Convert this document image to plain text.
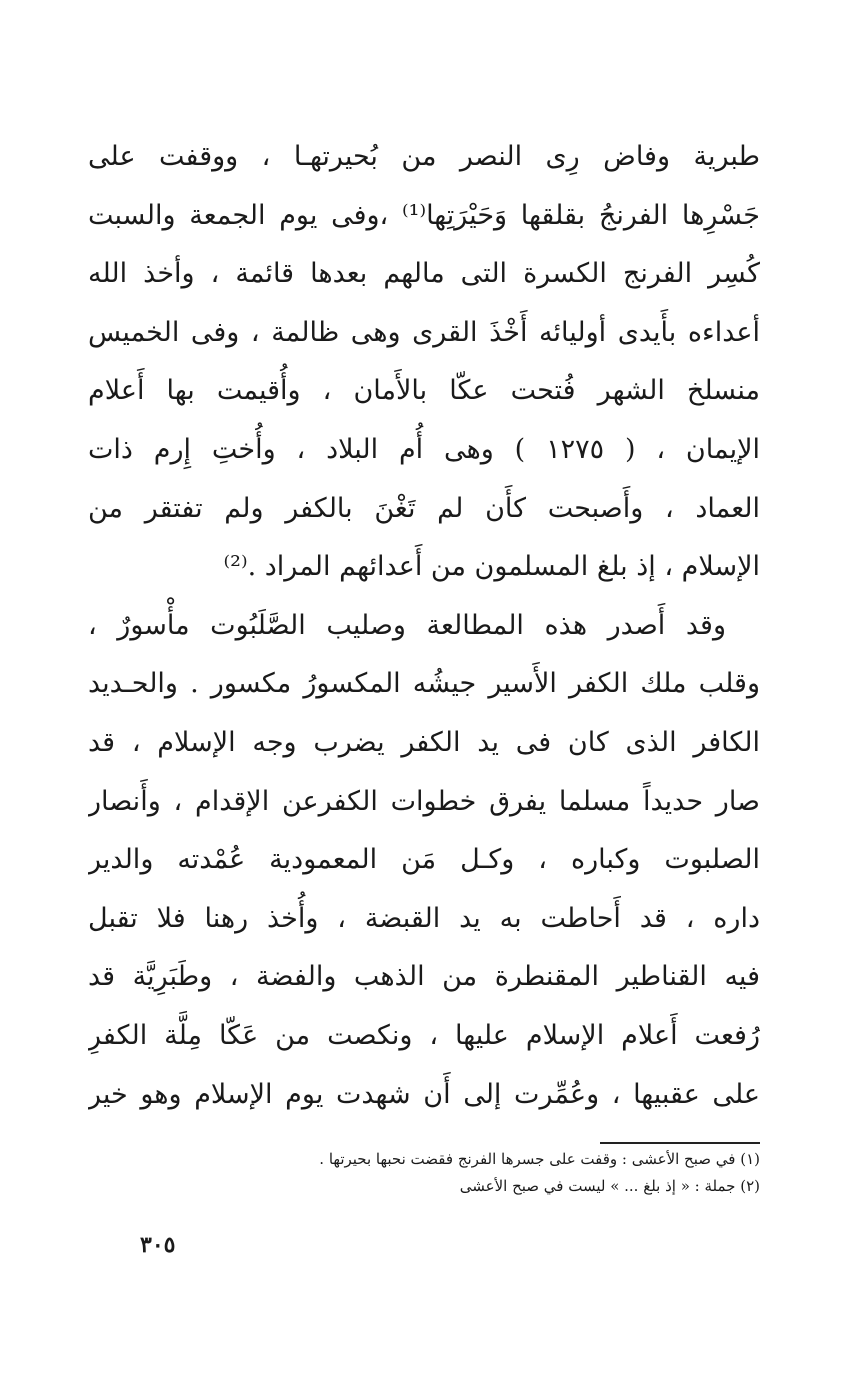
طبرية وفاض رِى النصر من بُحيرتهـا ، ووقفت على
جَسْرِها الفرنجُ بقلقها وَحَيْرَتِها⁽¹⁾ ،وفى يوم الجمعة والسبت
كُسِر الفرنج الكسرة التى مالهم بعدها قائمة ، وأخذ الله
أعداءه بأَيدى أوليائه أَخْذَ القرى وهى ظالمة ، وفى الخميس
منسلخ الشهر فُتحت عكّا بالأَمان ، وأُقيمت بها أَعلام
الإيمان ، ( ١٢٧٥ ) وهى أُم البلاد ، وأُختِ إِرم ذات
العماد ، وأَصبحت كأَن لم تَغْنَ بالكفر ولم تفتقر من
الإسلام ، إذ بلغ المسلمون من أَعدائهم المراد .⁽²⁾
وقد أَصدر هذه المطالعة وصليب الصَّلَبُوت مأْسورٌ ،
وقلب ملك الكفر الأَسير جيشُه المكسورُ مكسور . والحـديد
الكافر الذى كان فى يد الكفر يضرب وجه الإسلام ، قد
صار حديداً مسلما يفرق خطوات الكفرعن الإقدام ، وأَنصار
الصلبوت وكباره ، وكـل مَن المعمودية عُمْدته والدير
داره ، قد أَحاطت به يد القبضة ، وأُخذ رهنا فلا تقبل
فيه القناطير المقنطرة من الذهب والفضة ، وطَبَرِيَّة قد
رُفعت أَعلام الإسلام عليها ، ونكصت من عَكّا مِلَّة الكفرِ
على عقبيها ، وعُمِّرت إلى أَن شهدت يوم الإسلام وهو خير
(١) في صبح الأعشى : وقفت على جسرها الفرنج فقضت نحبها بحيرتها .
(٢) جملة : « إذ بلغ ... » ليست في صبح الأعشى
٣٠٥
